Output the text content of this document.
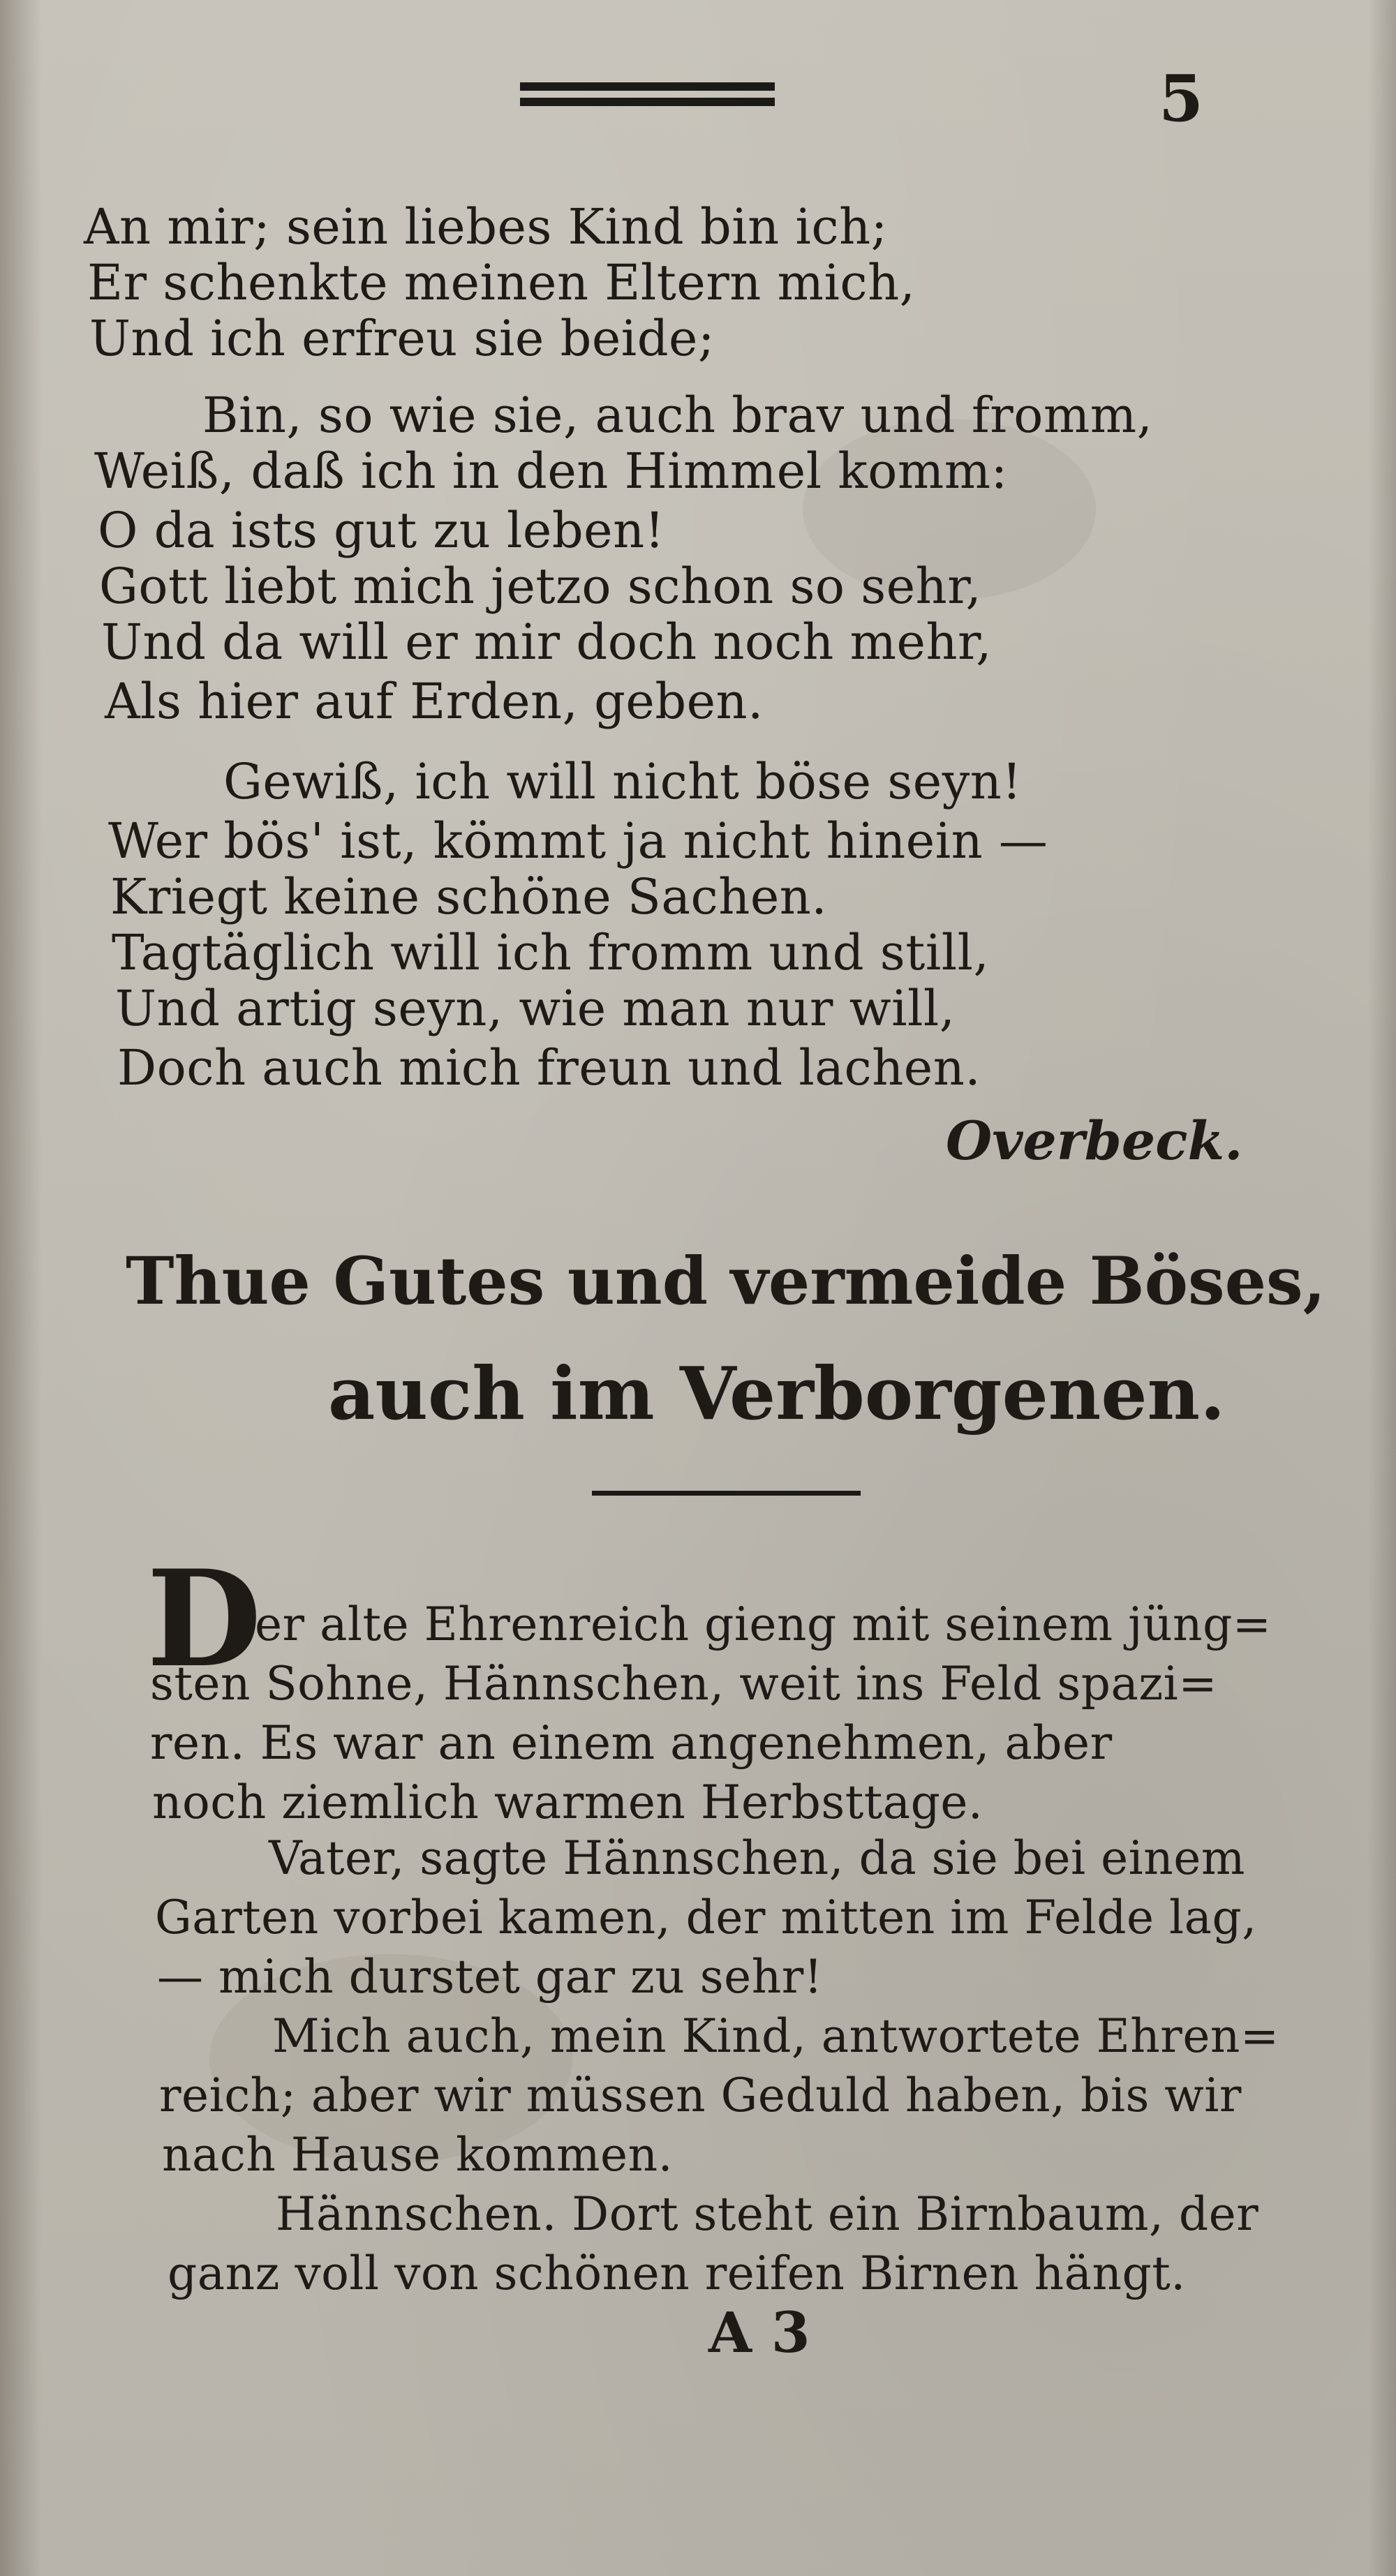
5
An mir; sein liebes Kind bin ich;
Er schenkte meinen Eltern mich,
Und ich erfreu sie beide;
Bin, so wie sie, auch brav und fromm,
Weiß, daß ich in den Himmel komm:
O da ists gut zu leben!
Gott liebt mich jetzo schon so sehr,
Und da will er mir doch noch mehr,
Als hier auf Erden, geben.
Gewiß, ich will nicht böse seyn!
Wer bös' ist, kömmt ja nicht hinein —
Kriegt keine schöne Sachen.
Tagtäglich will ich fromm und still,
Und artig seyn, wie man nur will,
Doch auch mich freun und lachen.
Overbeck.
Thue Gutes und vermeide Böses,
auch im Verborgenen.
D
er alte Ehrenreich gieng mit seinem jüng=
sten Sohne, Hännschen, weit ins Feld spazi=
ren. Es war an einem angenehmen, aber
noch ziemlich warmen Herbsttage.
Vater, sagte Hännschen, da sie bei einem
Garten vorbei kamen, der mitten im Felde lag,
— mich durstet gar zu sehr!
Mich auch, mein Kind, antwortete Ehren=
reich; aber wir müssen Geduld haben, bis wir
nach Hause kommen.
Hännschen. Dort steht ein Birnbaum, der
ganz voll von schönen reifen Birnen hängt.
A 3
